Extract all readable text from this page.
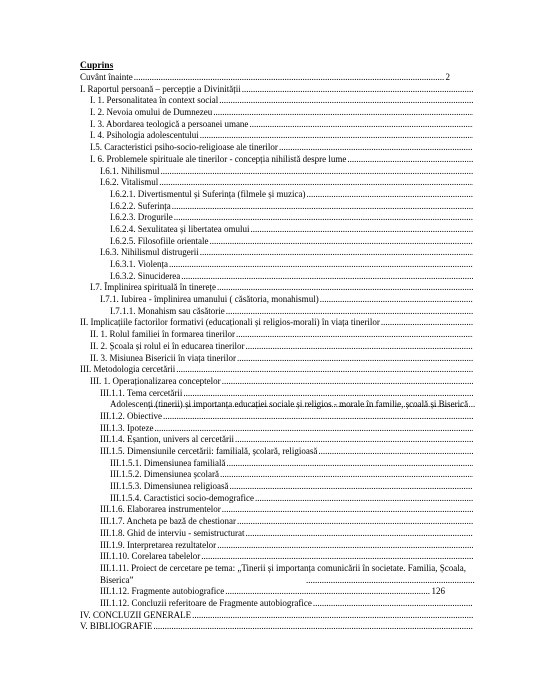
Cuprins
Cuvânt înainte .....	2
I. Raportul persoană – percepție a Divinității
.....
I. 1. Personalitatea în context social
.....
I. 2. Nevoia omului de Dumnezeu
.....
I. 3. Abordarea teologică a persoanei umane
.....
I. 4. Psihologia adolescentului
.....
I.5. Caracteristici psiho-socio-religioase ale tinerilor
.....
I. 6. Problemele spirituale ale tinerilor - concepția nihilistă despre lume
.....
I.6.1. Nihilismul
.....
I.6.2. Vitalismul
.....
I.6.2.1. Divertismentul și Suferința (filmele și muzica)
.....
I.6.2.2. Suferința
.....
I.6.2.3. Drogurile
.....
I.6.2.4. Sexulitatea și libertatea omului
.....
I.6.2.5. Filosofiile orientale
.....
I.6.3. Nihilismul distrugerii
.....
I.6.3.1. Violența
.....
I.6.3.2. Sinuciderea
.....
I.7. Împlinirea spirituală în tinerețe
.....
I.7.1. Iubirea - împlinirea umanului ( căsătoria, monahismul)
.....
I.7.1.1. Monahism sau căsătorie
.....
II. Implicațiile factorilor formativi (educaționali și religios-morali) în viața tinerilor
.....
II. 1. Rolul familiei în formarea tinerilor
.....
II. 2. Școala și rolul ei în educarea tinerilor
.....
II. 3. Misiunea Bisericii în viața tinerilor
.....
III. Metodologia cercetării
.....
III. 1. Operaționalizarea conceptelor
.....
III.1.1. Tema cercetării
.....
Adolescenți (tinerii) și importanța educației sociale și religios - morale în familie, școală și Biserică
.....
III.1.2. Obiective
.....
III.1.3. Ipoteze
.....
III.1.4. Eșantion, univers al cercetării
.....
III.1.5. Dimensiunile cercetării: familială, școlară, religioasă
.....
III.1.5.1. Dimensiunea familială
.....
III.1.5.2. Dimensiunea școlară
.....
III.1.5.3. Dimensiunea religioasă
.....
III.1.5.4. Caractistici socio-demografice
.....
III.1.6. Elaborarea instrumentelor
.....
III.1.7. Ancheta pe bază de chestionar
.....
III.1.8. Ghid de interviu - semistructurat
.....
III.1.9. Interpretarea rezultatelor
.....
III.1.10. Corelarea tabelelor
.....
III.1.11. Proiect de cercetare pe tema: „Tinerii și importanța comunicării în societate. Familia, Școala, Biserica”
.....
III.1.12. Fragmente autobiografice .....	126
III.1.12. Concluzii referitoare de Fragmente autobiografice
.....
IV. CONCLUZII GENERALE
.....
V. BIBLIOGRAFIE
.....
